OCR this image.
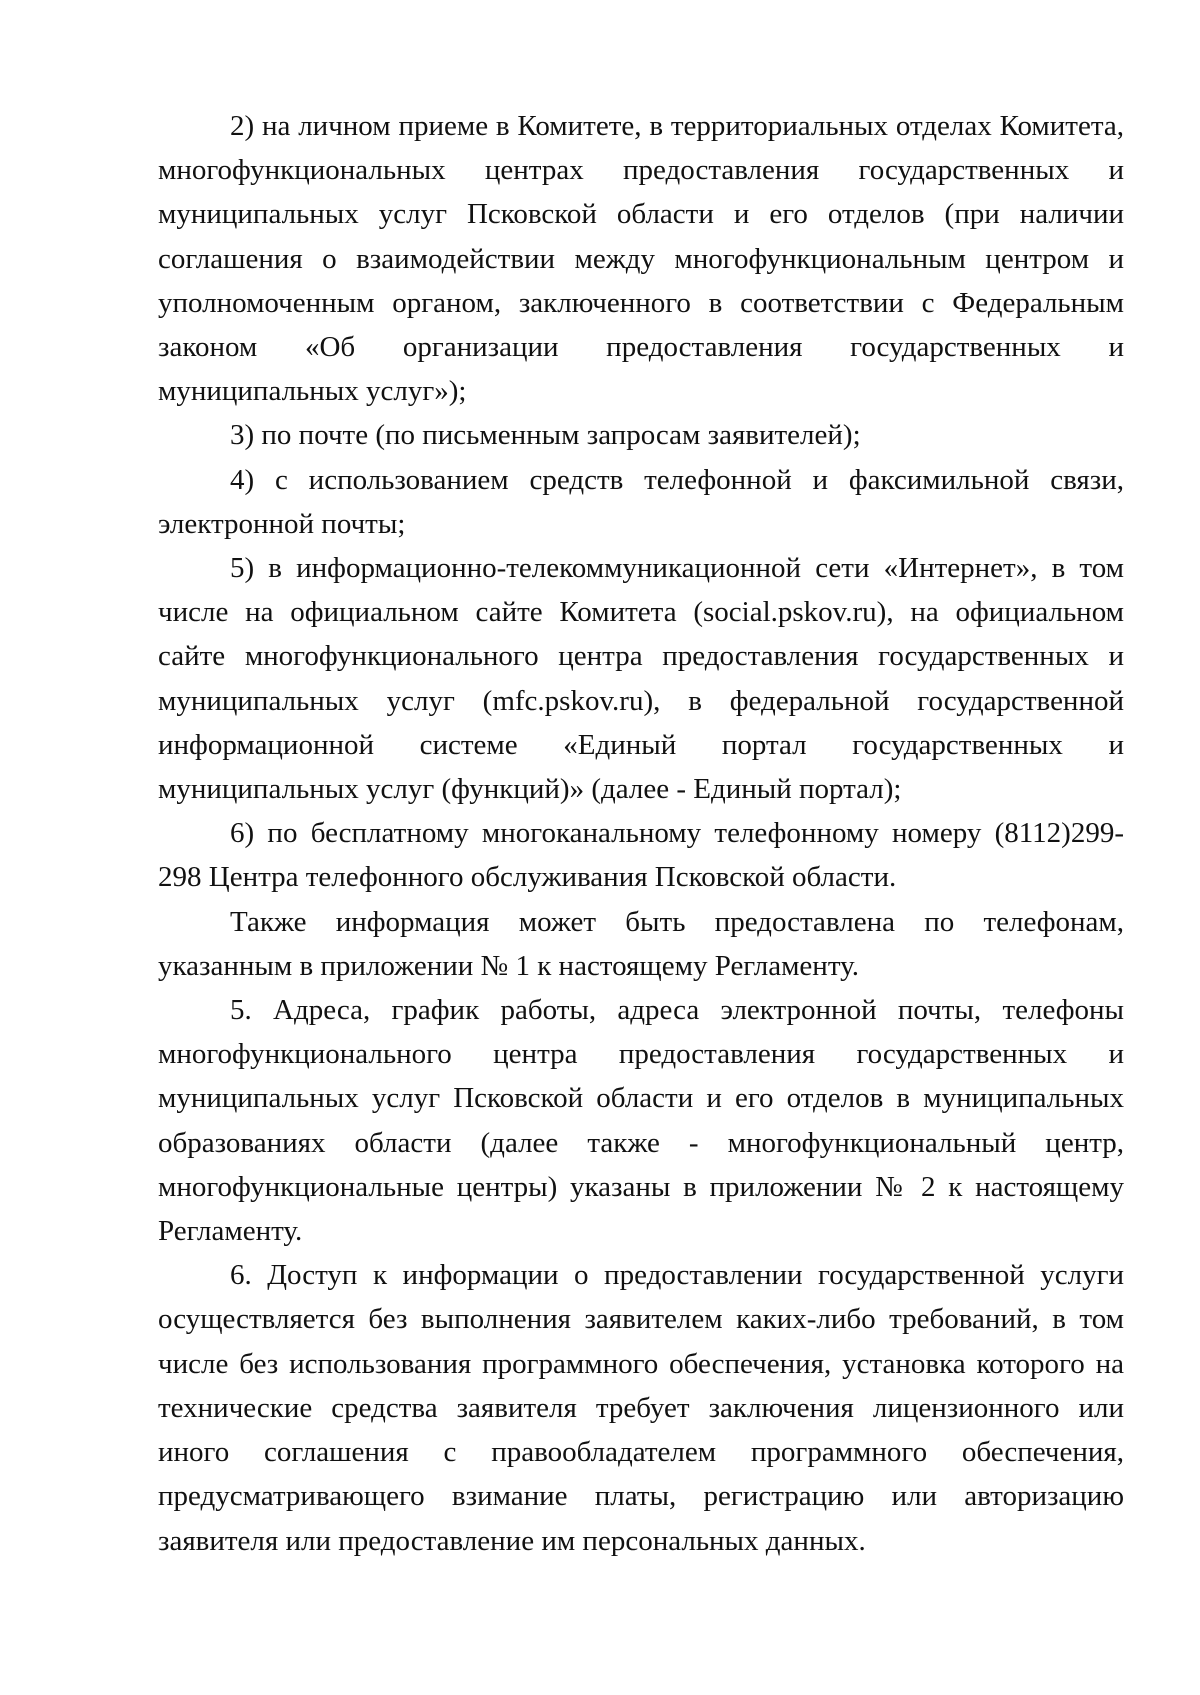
2) на личном приеме в Комитете, в территориальных отделах Комитета, многофункциональных центрах предоставления государственных и муниципальных услуг Псковской области и его отделов (при наличии соглашения о взаимодействии между многофункциональным центром и уполномоченным органом, заключенного в соответствии с Федеральным законом «Об организации предоставления государственных и муниципальных услуг»);

3) по почте (по письменным запросам заявителей);

4) с использованием средств телефонной и факсимильной связи, электронной почты;

5) в информационно-телекоммуникационной сети «Интернет», в том числе на официальном сайте Комитета (social.pskov.ru), на официальном сайте многофункционального центра предоставления государственных и муниципальных услуг (mfc.pskov.ru), в федеральной государственной информационной системе «Единый портал государственных и муниципальных услуг (функций)» (далее - Единый портал);

6) по бесплатному многоканальному телефонному номеру (8112)299-298 Центра телефонного обслуживания Псковской области.

Также информация может быть предоставлена по телефонам, указанным в приложении № 1 к настоящему Регламенту.

5. Адреса, график работы, адреса электронной почты, телефоны многофункционального центра предоставления государственных и муниципальных услуг Псковской области и его отделов в муниципальных образованиях области (далее также - многофункциональный центр, многофункциональные центры) указаны в приложении № 2 к настоящему Регламенту.

6. Доступ к информации о предоставлении государственной услуги осуществляется без выполнения заявителем каких-либо требований, в том числе без использования программного обеспечения, установка которого на технические средства заявителя требует заключения лицензионного или иного соглашения с правообладателем программного обеспечения, предусматривающего взимание платы, регистрацию или авторизацию заявителя или предоставление им персональных данных.
